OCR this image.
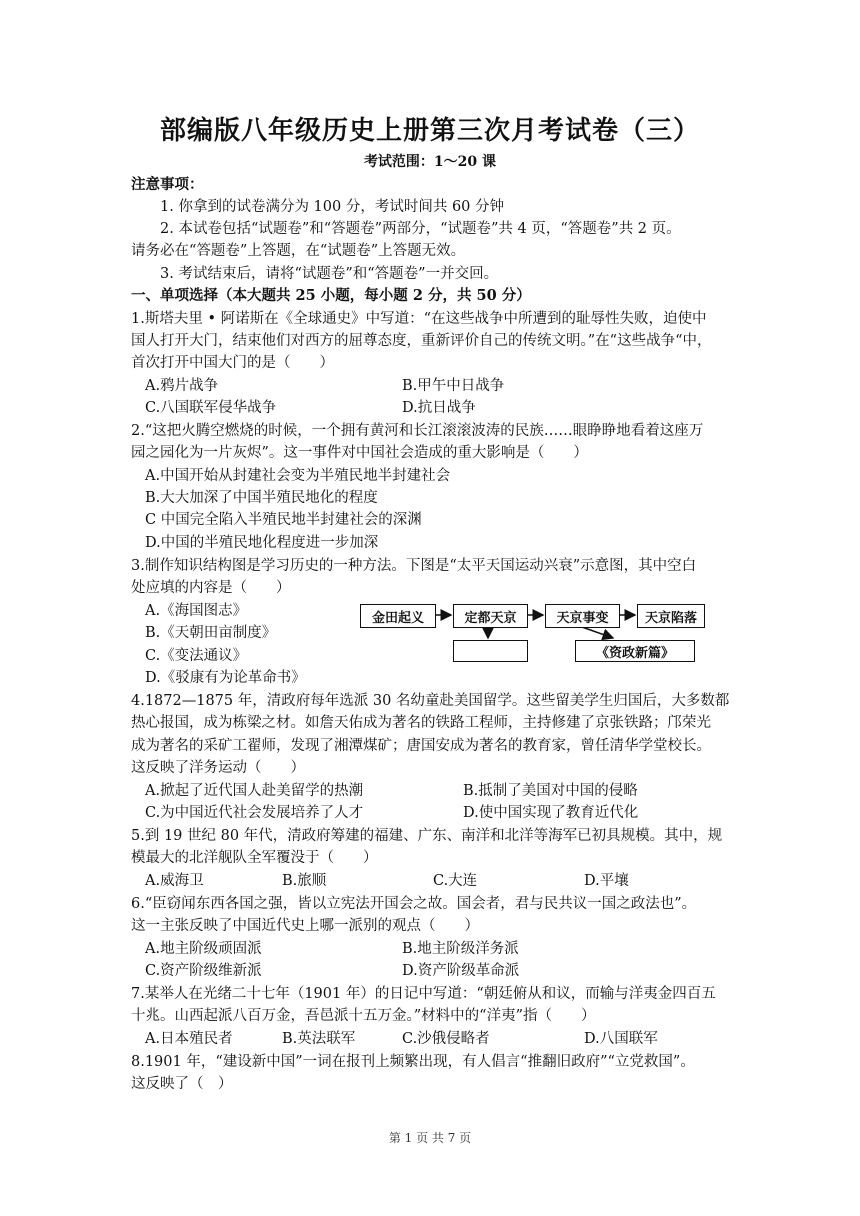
部编版八年级历史上册第三次月考试卷（三）
考试范围：1～20 课
注意事项：
1. 你拿到的试卷满分为 100 分，考试时间共 60 分钟
2. 本试卷包括“试题卷”和“答题卷”两部分，“试题卷”共 4 页，“答题卷”共 2 页。
请务必在“答题卷”上答题，在“试题卷”上答题无效。
3. 考试结束后，请将“试题卷”和“答题卷”一并交回。
一、单项选择（本大题共 25 小题，每小题 2 分，共 50 分）
1.斯塔夫里 • 阿诺斯在《全球通史》中写道：“在这些战争中所遭到的耻辱性失败，迫使中
国人打开大门，结束他们对西方的屈尊态度，重新评价自己的传统文明。”在“这些战争“中，
首次打开中国大门的是（　　）
A.鸦片战争	B.甲午中日战争
C.八国联军侵华战争	D.抗日战争
2.“这把火腾空燃烧的时候，一个拥有黄河和长江滚滚波涛的民族……眼睁睁地看着这座万
园之园化为一片灰烬”。这一事件对中国社会造成的重大影响是（　　）
A.中国开始从封建社会变为半殖民地半封建社会
B.大大加深了中国半殖民地化的程度
C 中国完全陷入半殖民地半封建社会的深渊
D.中国的半殖民地化程度进一步加深
3.制作知识结构图是学习历史的一种方法。下图是“太平天国运动兴衰”示意图，其中空白
处应填的内容是（　　）
A.《海国图志》
B.《天朝田亩制度》
C.《变法通议》
D.《驳康有为论革命书》
金田起义	定都天京	天京事变	天京陷落
《资政新篇》
4.1872—1875 年，清政府每年选派 30 名幼童赴美国留学。这些留美学生归国后，大多数都
热心报国，成为栋梁之材。如詹天佑成为著名的铁路工程师，主持修建了京张铁路；邝荣光
成为著名的采矿工翟师，发现了湘潭煤矿；唐国安成为著名的教育家，曾任清华学堂校长。
这反映了洋务运动（　　）
A.掀起了近代国人赴美留学的热潮	B.抵制了美国对中国的侵略
C.为中国近代社会发展培养了人才	D.使中国实现了教育近代化
5.到 19 世纪 80 年代，清政府筹建的福建、广东、南洋和北洋等海军已初具规模。其中，规
模最大的北洋舰队全军覆没于（　　）
A.威海卫	B.旅顺	C.大连	D.平壤
6.“臣窃闻东西各国之强，皆以立宪法开国会之故。国会者，君与民共议一国之政法也”。
这一主张反映了中国近代史上哪一派别的观点（　　）
A.地主阶级顽固派	B.地主阶级洋务派
C.资产阶级维新派	D.资产阶级革命派
7.某举人在光绪二十七年（1901 年）的日记中写道：“朝廷俯从和议，而输与洋夷金四百五
十兆。山西起派八百万金，吾邑派十五万金。”材料中的“洋夷”指（　　）
A.日本殖民者	B.英法联军	C.沙俄侵略者	D.八国联军
8.1901 年，“建设新中国”一词在报刊上频繁出现，有人倡言“推翻旧政府”“立党救国”。
这反映了（　）
第 1 页 共 7 页
